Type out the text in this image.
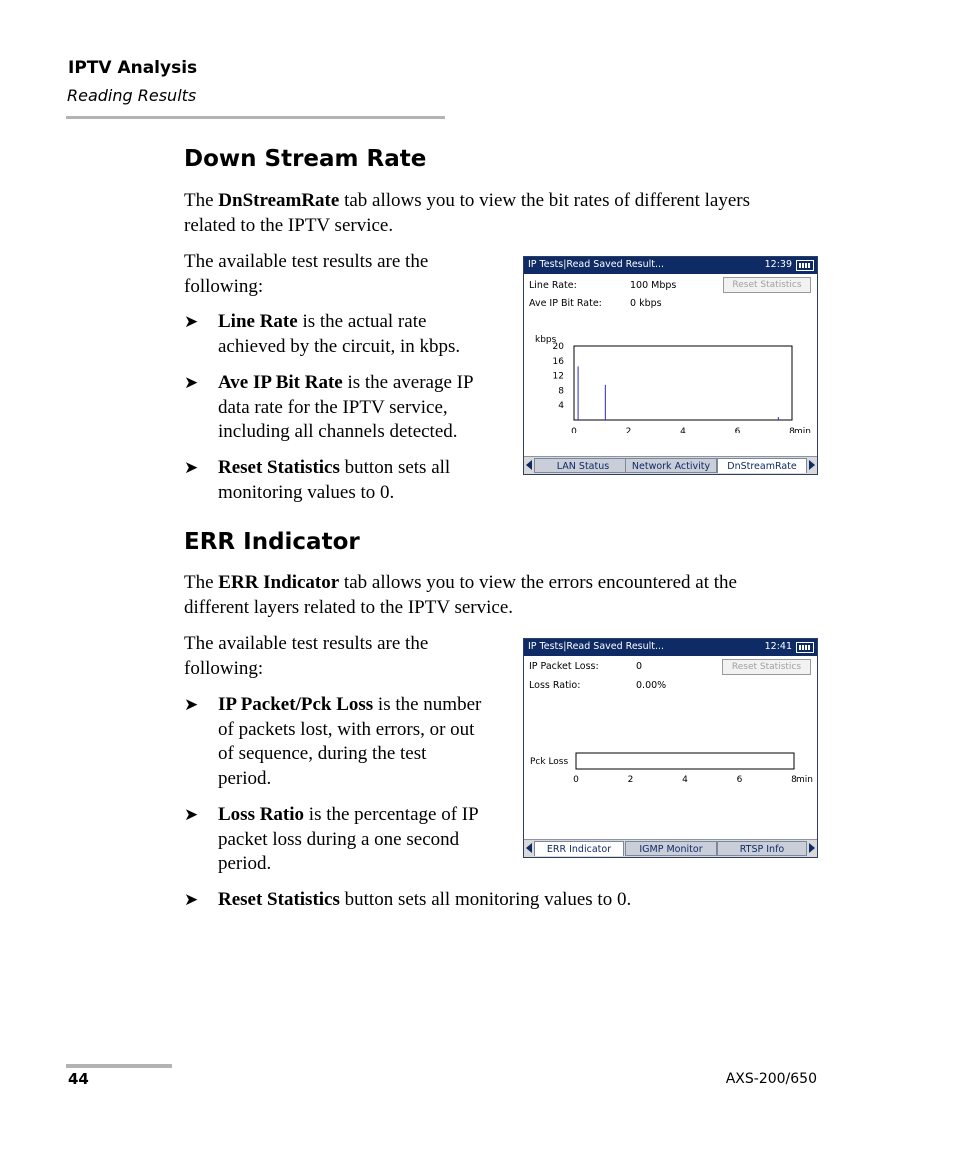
IPTV Analysis
Reading Results
Down Stream Rate
The DnStreamRate tab allows you to view the bit rates of different layers
related to the IPTV service.
The available test results are the
following:
➤ Line Rate is the actual rate
achieved by the circuit, in kbps.
➤ Ave IP Bit Rate is the average IP
data rate for the IPTV service,
including all channels detected.
➤ Reset Statistics button sets all
monitoring values to 0.
IP Tests|Read Saved Result...	12:39
Line Rate:	100 Mbps
Ave IP Bit Rate:	0 kbps
Reset Statistics
kbps
20
16
12
8
4
0	2	4	6	8 min
LAN Status	Network Activity	DnStreamRate
ERR Indicator
The ERR Indicator tab allows you to view the errors encountered at the
different layers related to the IPTV service.
The available test results are the
following:
➤ IP Packet/Pck Loss is the number
of packets lost, with errors, or out
of sequence, during the test
period.
➤ Loss Ratio is the percentage of IP
packet loss during a one second
period.
➤ Reset Statistics button sets all monitoring values to 0.
IP Tests|Read Saved Result...	12:41
IP Packet Loss:	0
Loss Ratio:	0.00%
Reset Statistics
Pck Loss
0	2	4	6	8 min
ERR Indicator	IGMP Monitor	RTSP Info
44	AXS-200/650
